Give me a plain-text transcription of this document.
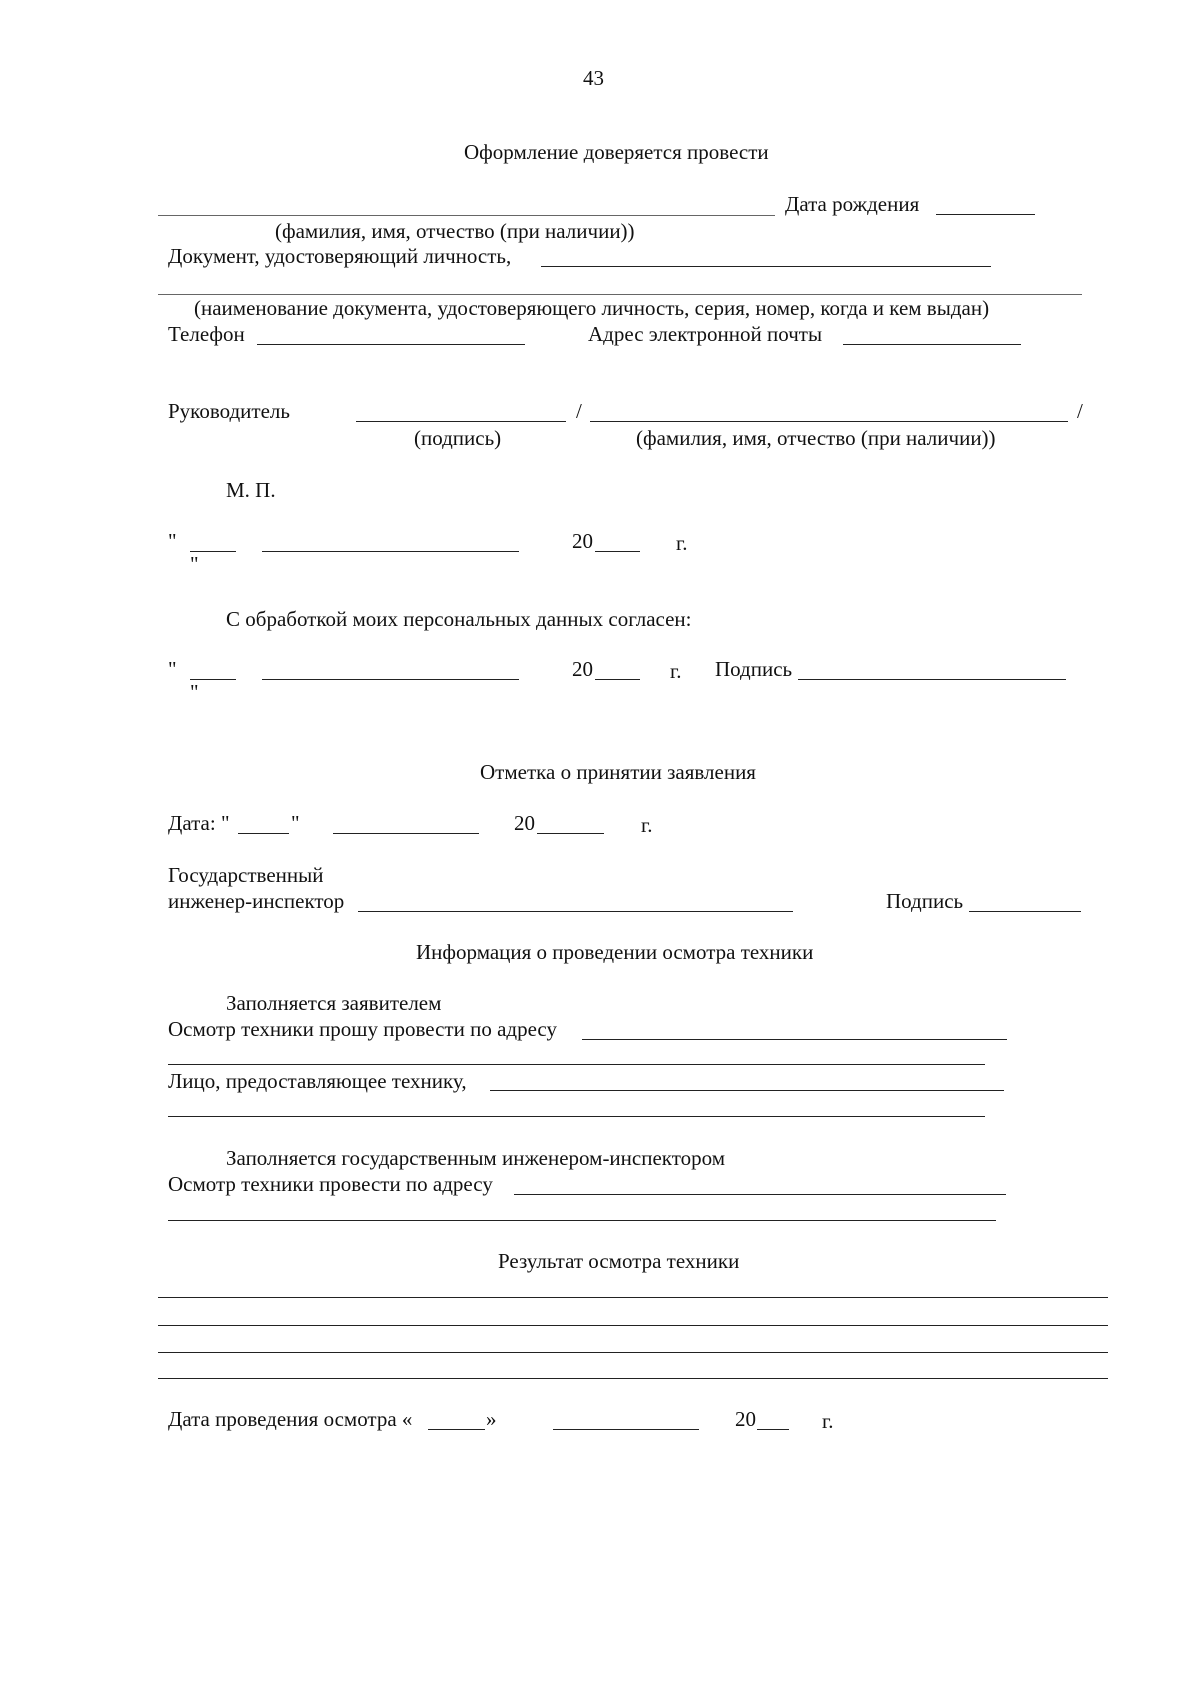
43
Оформление доверяется провести
Дата рождения
(фамилия, имя, отчество (при наличии))
Документ, удостоверяющий личность,
(наименование документа, удостоверяющего личность, серия, номер, когда и кем выдан)
Телефон	Адрес электронной почты
Руководитель	/	/
(подпись)	(фамилия, имя, отчество (при наличии))
М. П.
"
"
20	г.
С обработкой моих персональных данных согласен:
"
"
20	г. Подпись
Отметка о принятии заявления
Дата: "	"	20	г.
Государственный
инженер-инспектор	Подпись
Информация о проведении осмотра техники
Заполняется заявителем
Осмотр техники прошу провести по адресу
Лицо, предоставляющее технику,
Заполняется государственным инженером-инспектором
Осмотр техники провести по адресу
Результат осмотра техники
Дата проведения осмотра «	»	20	г.
